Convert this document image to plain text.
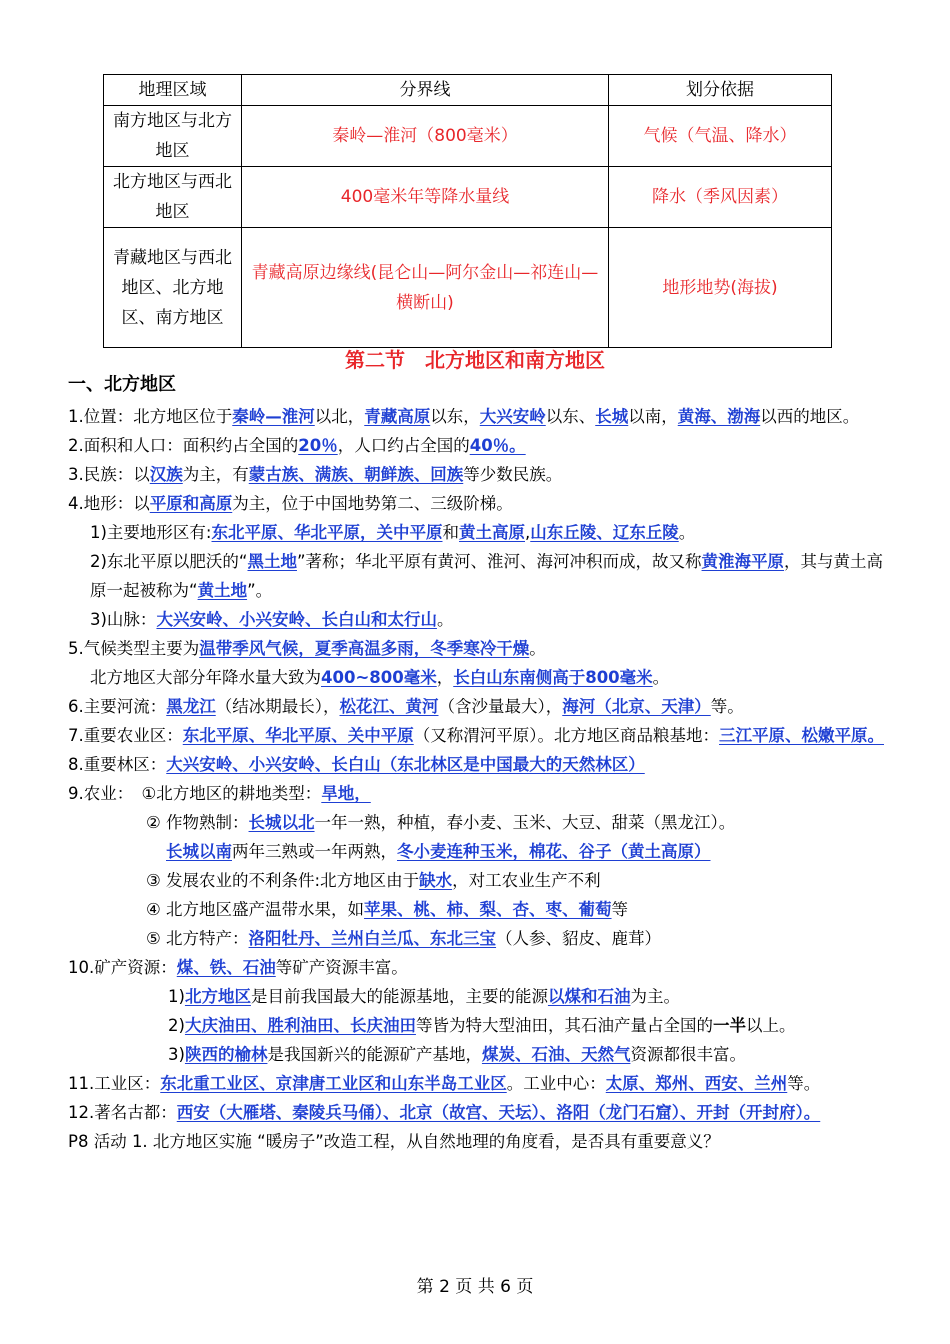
地理区域	分界线	划分依据
南方地区与北方地区	秦岭—淮河（800毫米）	气候（气温、降水）
北方地区与西北地区	400毫米年等降水量线	降水（季风因素）
青藏地区与西北地区、北方地区、南方地区	青藏高原边缘线(昆仑山—阿尔金山—祁连山—横断山)	地形地势(海拔)
第二节　北方地区和南方地区
一、北方地区

1.位置：北方地区位于秦岭—淮河以北，青藏高原以东，大兴安岭以东、长城以南，黄海、渤海以西的地区。

2.面积和人口：面积约占全国的20％，人口约占全国的40％。

3.民族：以汉族为主，有蒙古族、满族、朝鲜族、回族等少数民族。

4.地形：以平原和高原为主，位于中国地势第二、三级阶梯。

1)主要地形区有:东北平原、华北平原，关中平原和黄土高原,山东丘陵、辽东丘陵。

2)东北平原以肥沃的“黑土地”著称；华北平原有黄河、淮河、海河冲积而成，故又称黄淮海平原，其与黄土高原一起被称为“黄土地”。

3)山脉：大兴安岭、小兴安岭、长白山和太行山。

5.气候类型主要为温带季风气候，夏季高温多雨，冬季寒冷干燥。

北方地区大部分年降水量大致为400~800毫米，长白山东南侧高于800毫米。

6.主要河流：黑龙江（结冰期最长），松花江、黄河（含沙量最大），海河（北京、天津）等。

7.重要农业区：东北平原、华北平原、关中平原（又称渭河平原）。北方地区商品粮基地：三江平原、松嫩平原。

8.重要林区：大兴安岭、小兴安岭、长白山（东北林区是中国最大的天然林区）

9.农业：　①北方地区的耕地类型：旱地，

② 作物熟制：长城以北一年一熟，种植，春小麦、玉米、大豆、甜菜（黑龙江）。

长城以南两年三熟或一年两熟，冬小麦连种玉米，棉花、谷子（黄土高原）

③ 发展农业的不利条件:北方地区由于缺水，对工农业生产不利

④ 北方地区盛产温带水果，如苹果、桃、柿、梨、杏、枣、葡萄等

⑤ 北方特产：洛阳牡丹、兰州白兰瓜、东北三宝（人参、貂皮、鹿茸）

10.矿产资源：煤、铁、石油等矿产资源丰富。

1)北方地区是目前我国最大的能源基地，主要的能源以煤和石油为主。

2)大庆油田、胜利油田、长庆油田等皆为特大型油田，其石油产量占全国的一半以上。

3)陕西的榆林是我国新兴的能源矿产基地，煤炭、石油、天然气资源都很丰富。

11.工业区：东北重工业区、京津唐工业区和山东半岛工业区。工业中心：太原、郑州、西安、兰州等。

12.著名古都：西安（大雁塔、秦陵兵马俑）、北京（故宫、天坛）、洛阳（龙门石窟）、开封（开封府）。

P8 活动 1. 北方地区实施 “暖房子”改造工程，从自然地理的角度看，是否具有重要意义？

第 2 页 共 6 页
